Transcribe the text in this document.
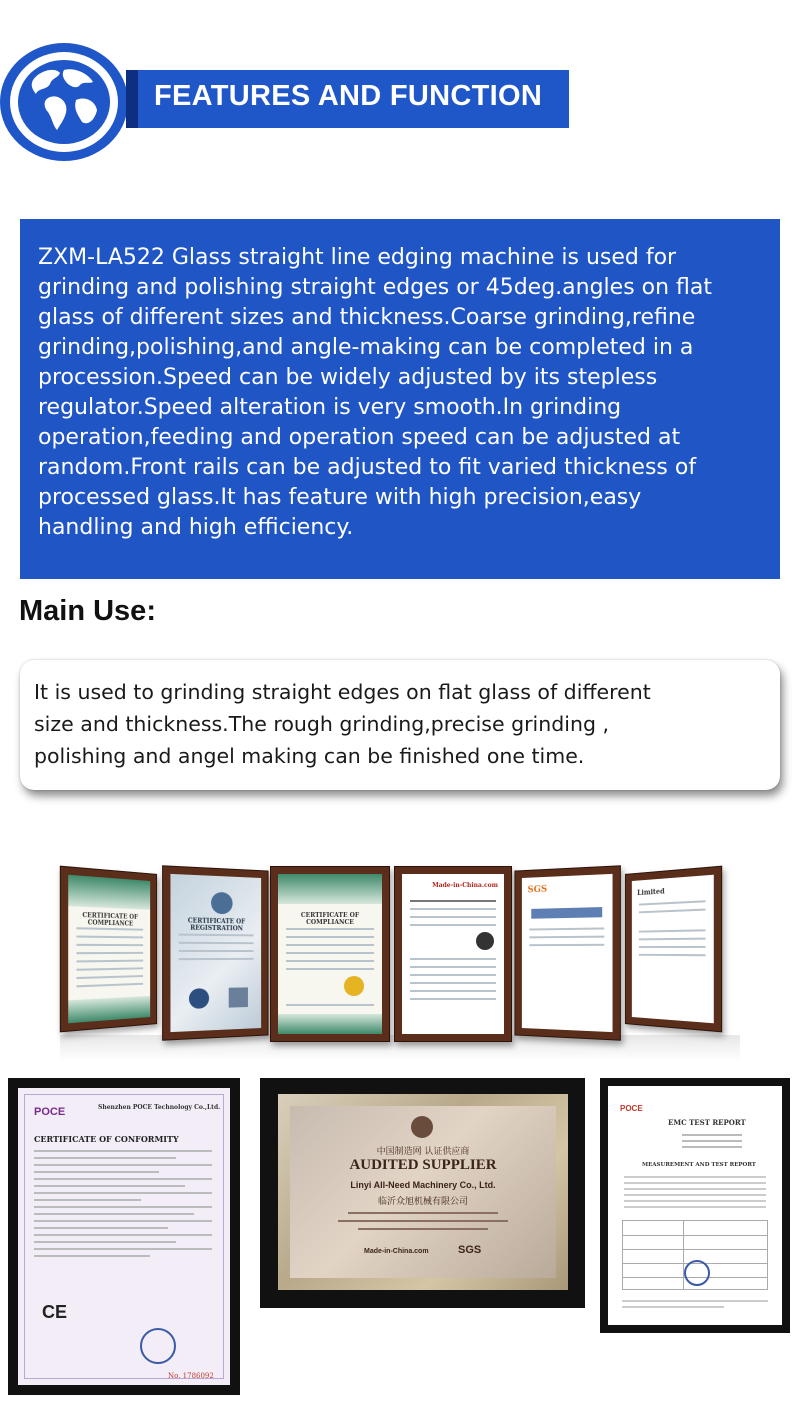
FEATURES AND FUNCTION
ZXM-LA522 Glass straight line edging machine is used for
grinding and polishing straight edges or 45deg.angles on flat
glass of different sizes and thickness.Coarse grinding,refine
grinding,polishing,and angle-making can be completed in a
procession.Speed can be widely adjusted by its stepless
regulator.Speed alteration is very smooth.In grinding
operation,feeding and operation speed can be adjusted at
random.Front rails can be adjusted to fit varied thickness of
processed glass.It has feature with high precision,easy
handling and high efficiency.
Main Use:
It is used to grinding straight edges on flat glass of different
size and thickness.The rough grinding,precise grinding ,
polishing and angel making can be finished one time.
CERTIFICATE OF COMPLIANCE	CERTIFICATE OF REGISTRATION
CERTIFICATE OF COMPLIANCE
Made-in-China.com	SGS	Limited
POCE	Shenzhen POCE Technology Co.,Ltd.
CERTIFICATE OF CONFORMITY
CE
No. 1786092
中国制造网 认证供应商
AUDITED SUPPLIER
Linyi All-Need Machinery Co., Ltd.
临沂众旭机械有限公司
Made-in-China.com	SGS
POCE
EMC TEST REPORT
MEASUREMENT AND TEST REPORT
